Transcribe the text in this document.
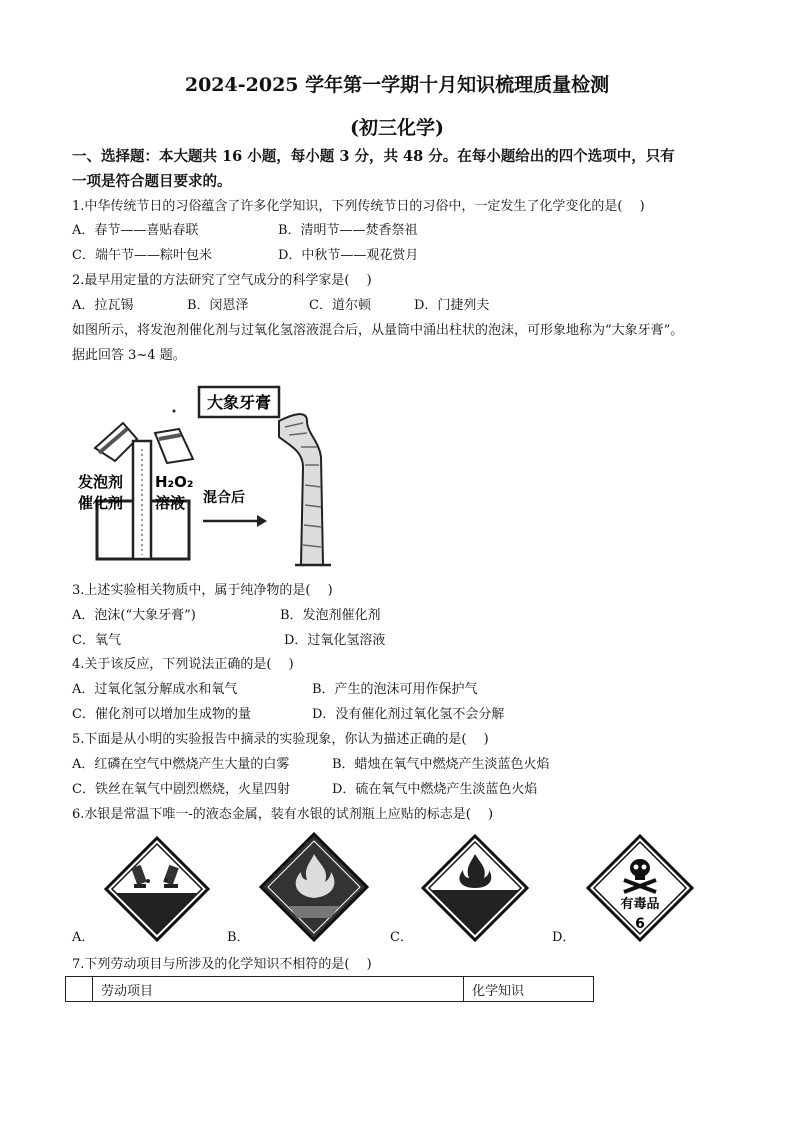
2024-2025 学年第一学期十月知识梳理质量检测
(初三化学)
一、选择题：本大题共 16 小题，每小题 3 分，共 48 分。在每小题给出的四个选项中，只有
一项是符合题目要求的。
1.中华传统节日的习俗蕴含了许多化学知识，下列传统节日的习俗中，一定发生了化学变化的是(　 )
A．春节——喜贴春联	B．清明节——焚香祭祖
C．端午节——粽叶包米	D．中秋节——观花赏月
2.最早用定量的方法研究了空气成分的科学家是(　 )
A．拉瓦锡	B．闵恩泽	C．道尔顿	D．门捷列夫
如图所示，将发泡剂催化剂与过氧化氢溶液混合后，从量筒中涌出柱状的泡沫，可形象地称为“大象牙膏”。
据此回答 3~4 题。
发泡剂
催化剂
H₂O₂
溶液 混合后
大象牙膏
3.上述实验相关物质中，属于纯净物的是(　 )
A．泡沫(“大象牙膏”)	B．发泡剂催化剂
C．氧气	D．过氧化氢溶液
4.关于该反应，下列说法正确的是(　 )
A．过氧化氢分解成水和氧气	B．产生的泡沫可用作保护气
C．催化剂可以增加生成物的量	D．没有催化剂过氧化氢不会分解
5.下面是从小明的实验报告中摘录的实验现象，你认为描述正确的是(　 )
A．红磷在空气中燃烧产生大量的白雾	B．蜡烛在氧气中燃烧产生淡蓝色火焰
C．铁丝在氧气中剧烈燃烧，火星四射	D．硫在氧气中燃烧产生淡蓝色火焰
6.水银是常温下唯一-的液态金属，装有水银的试剂瓶上应贴的标志是(　 )
有毒品
6
A．	B．	C．	D．
7.下列劳动项目与所涉及的化学知识不相符的是(　 )
	劳动项目	化学知识
